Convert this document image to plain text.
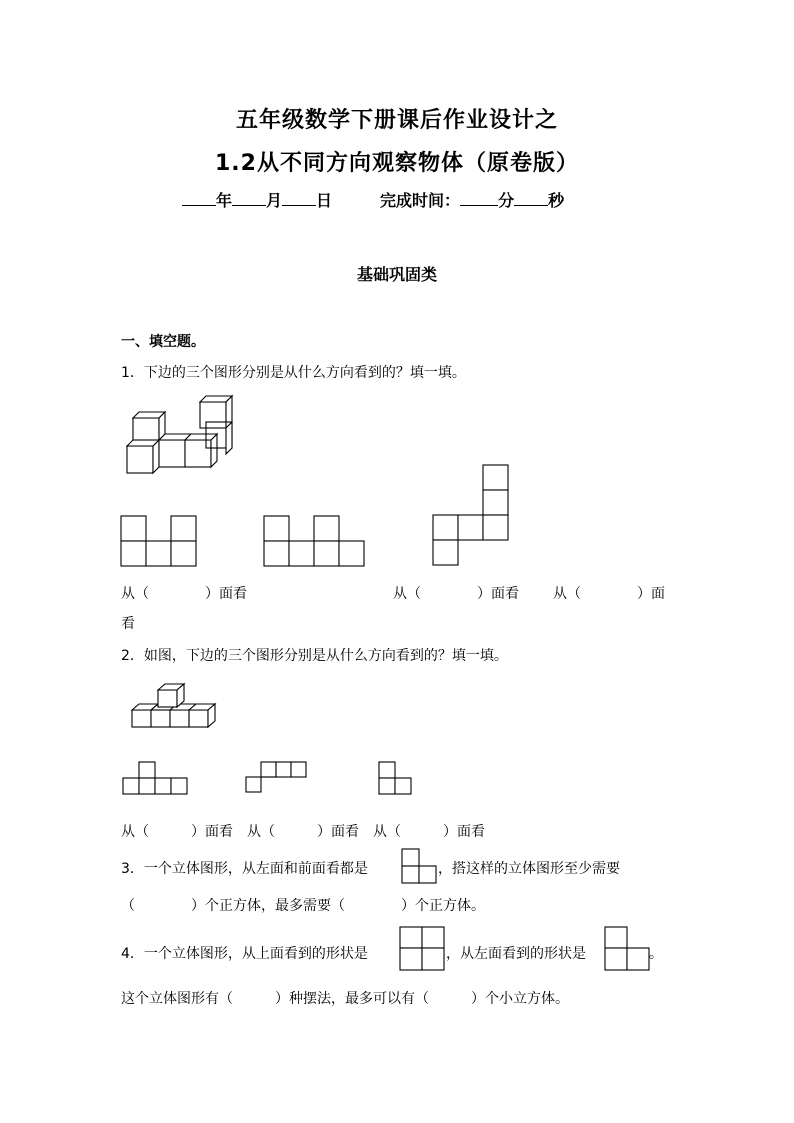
五年级数学下册课后作业设计之
1.2从不同方向观察物体（原卷版）
年 月 日	完成时间： 分 秒
基础巩固类
一、填空题。
1．下边的三个图形分别是从什么方向看到的？填一填。
从（　　　　）面看	从（　　　　）面看 从（　　　　）面
看
2．如图，下边的三个图形分别是从什么方向看到的？填一填。
从（　　　）面看　从（　　　）面看　从（　　　）面看
3．一个立体图形，从左面和前面看都是	，搭这样的立体图形至少需要
（　　　　）个正方体，最多需要（　　　　）个正方体。
4．一个立体图形，从上面看到的形状是	，从左面看到的形状是	。
这个立体图形有（　　　）种摆法，最多可以有（　　　）个小立方体。
